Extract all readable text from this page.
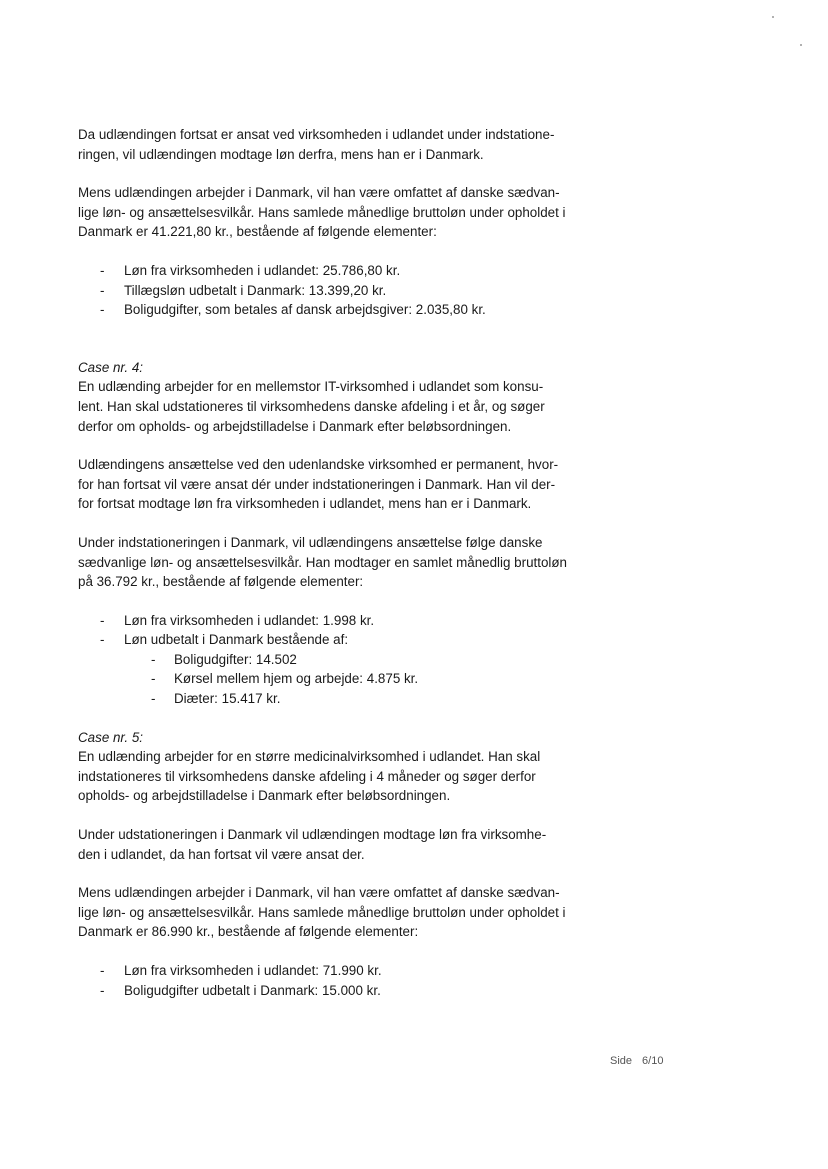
Da udlændingen fortsat er ansat ved virksomheden i udlandet under indstatione-
ringen, vil udlændingen modtage løn derfra, mens han er i Danmark.

Mens udlændingen arbejder i Danmark, vil han være omfattet af danske sædvan-
lige løn- og ansættelsesvilkår. Hans samlede månedlige bruttoløn under opholdet i
Danmark er 41.221,80 kr., bestående af følgende elementer:

- Løn fra virksomheden i udlandet: 25.786,80 kr.
- Tillægsløn udbetalt i Danmark: 13.399,20 kr.
- Boligudgifter, som betales af dansk arbejdsgiver: 2.035,80 kr.
Case nr. 4:

En udlænding arbejder for en mellemstor IT-virksomhed i udlandet som konsu-
lent. Han skal udstationeres til virksomhedens danske afdeling i et år, og søger
derfor om opholds- og arbejdstilladelse i Danmark efter beløbsordningen.

Udlændingens ansættelse ved den udenlandske virksomhed er permanent, hvor-
for han fortsat vil være ansat dér under indstationeringen i Danmark. Han vil der-
for fortsat modtage løn fra virksomheden i udlandet, mens han er i Danmark.

Under indstationeringen i Danmark, vil udlændingens ansættelse følge danske
sædvanlige løn- og ansættelsesvilkår. Han modtager en samlet månedlig bruttoløn
på 36.792 kr., bestående af følgende elementer:

- Løn fra virksomheden i udlandet: 1.998 kr.
- Løn udbetalt i Danmark bestående af:
- Boligudgifter: 14.502
- Kørsel mellem hjem og arbejde: 4.875 kr.
- Diæter: 15.417 kr.
Case nr. 5:

En udlænding arbejder for en større medicinalvirksomhed i udlandet. Han skal
indstationeres til virksomhedens danske afdeling i 4 måneder og søger derfor
opholds- og arbejdstilladelse i Danmark efter beløbsordningen.

Under udstationeringen i Danmark vil udlændingen modtage løn fra virksomhe-
den i udlandet, da han fortsat vil være ansat der.

Mens udlændingen arbejder i Danmark, vil han være omfattet af danske sædvan-
lige løn- og ansættelsesvilkår. Hans samlede månedlige bruttoløn under opholdet i
Danmark er 86.990 kr., bestående af følgende elementer:

- Løn fra virksomheden i udlandet: 71.990 kr.
- Boligudgifter udbetalt i Danmark: 15.000 kr.
Side 6/10
